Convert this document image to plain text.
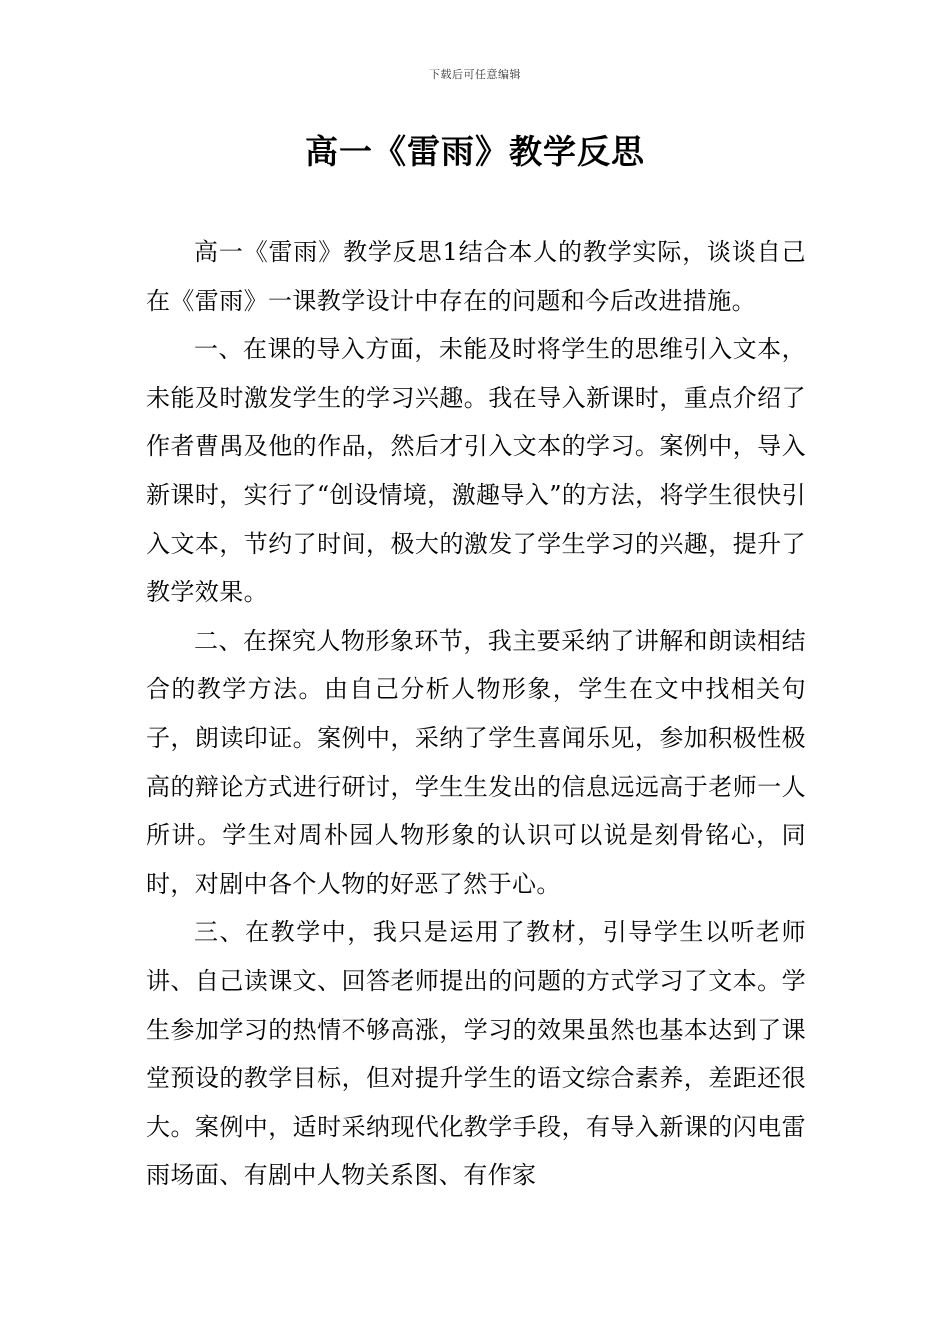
下载后可任意编辑
高一《雷雨》教学反思

高一《雷雨》教学反思1结合本人的教学实际，谈谈自己在《雷雨》一课教学设计中存在的问题和今后改进措施。

一、在课的导入方面，未能及时将学生的思维引入文本，未能及时激发学生的学习兴趣。我在导入新课时，重点介绍了作者曹禺及他的作品，然后才引入文本的学习。案例中，导入新课时，实行了“创设情境，激趣导入”的方法，将学生很快引入文本，节约了时间，极大的激发了学生学习的兴趣，提升了教学效果。

二、在探究人物形象环节，我主要采纳了讲解和朗读相结合的教学方法。由自己分析人物形象，学生在文中找相关句子，朗读印证。案例中，采纳了学生喜闻乐见，参加积极性极高的辩论方式进行研讨，学生生发出的信息远远高于老师一人所讲。学生对周朴园人物形象的认识可以说是刻骨铭心，同时，对剧中各个人物的好恶了然于心。

三、在教学中，我只是运用了教材，引导学生以听老师讲、自己读课文、回答老师提出的问题的方式学习了文本。学生参加学习的热情不够高涨，学习的效果虽然也基本达到了课堂预设的教学目标，但对提升学生的语文综合素养，差距还很大。案例中，适时采纳现代化教学手段，有导入新课的闪电雷雨场面、有剧中人物关系图、有作家
